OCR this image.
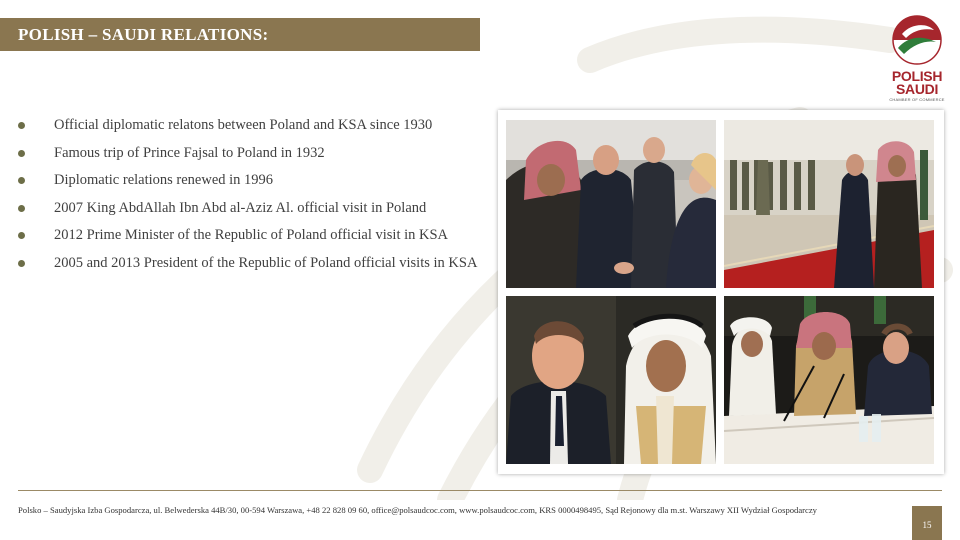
POLISH – SAUDI RELATIONS:
POLISH
SAUDI
CHAMBER OF COMMERCE
Official diplomatic relatons between Poland and KSA since 1930
Famous trip of Prince Fajsal to Poland in 1932
Diplomatic relations renewed in 1996
2007 King AbdAllah Ibn Abd al-Aziz Al. official visit in Poland
2012 Prime Minister of the Republic of Poland official visit in KSA
2005 and 2013 President of the Republic of Poland official visits in KSA
Polsko – Saudyjska Izba Gospodarcza, ul. Belwederska 44B/30, 00-594 Warszawa, +48 22 828 09 60, office@polsaudcoc.com, www.polsaudcoc.com, KRS 0000498495, Sąd Rejonowy dla m.st. Warszawy XII Wydział Gospodarczy
15
